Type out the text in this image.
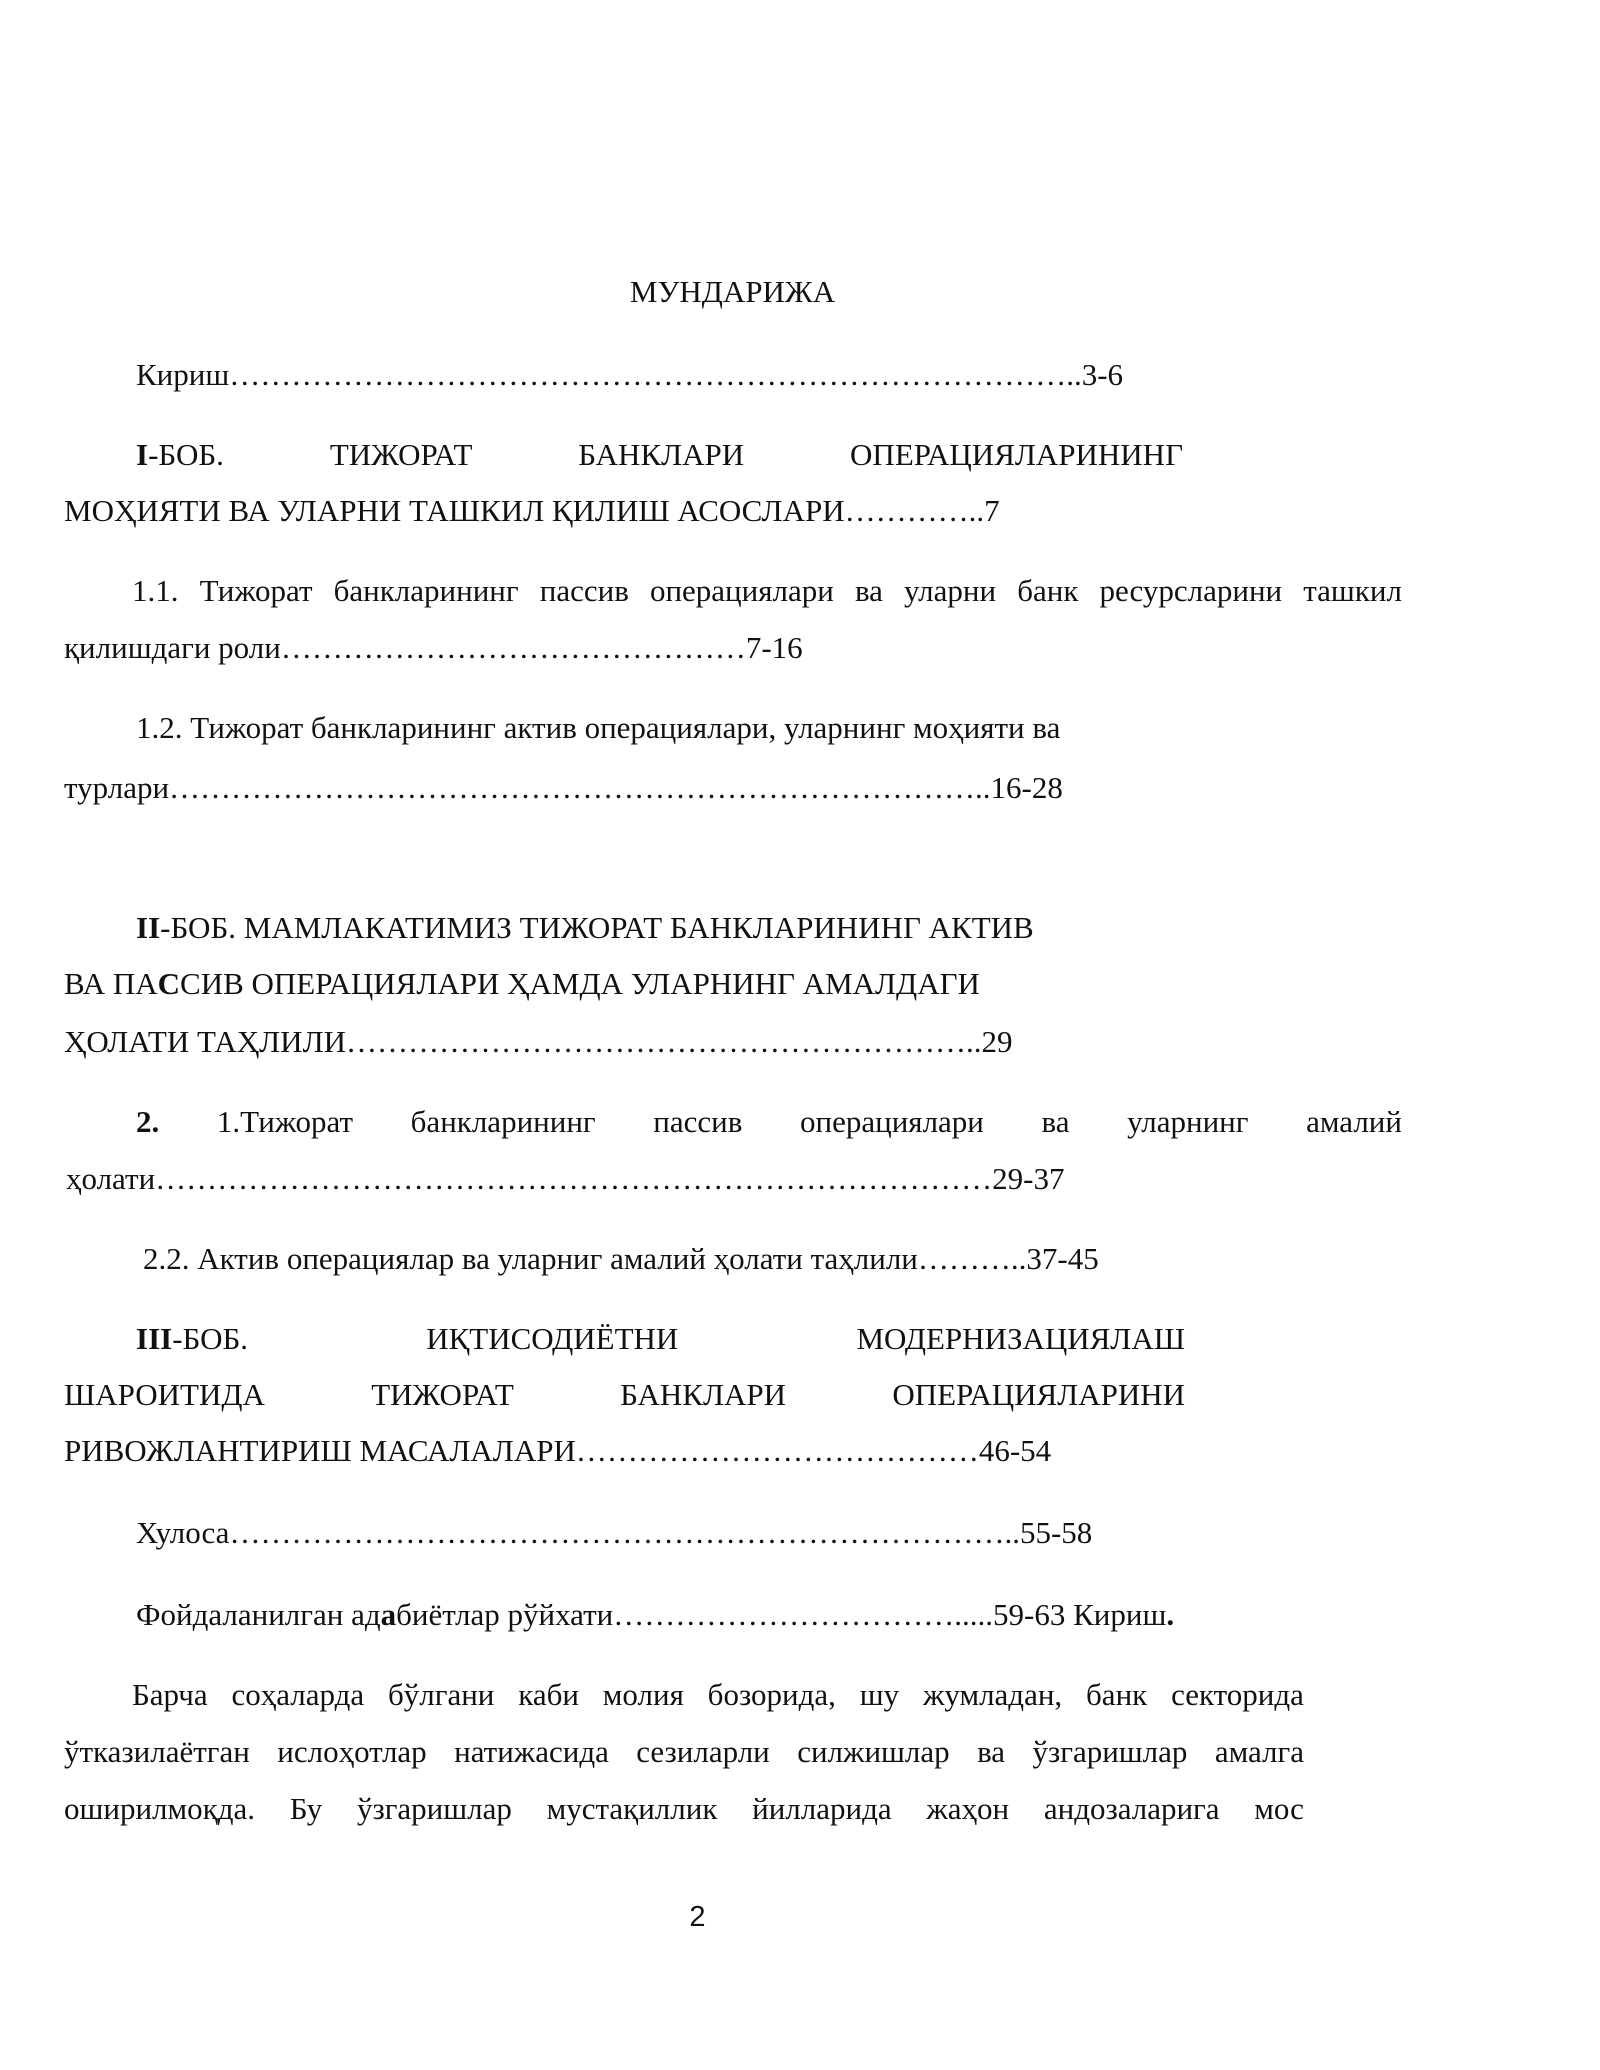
МУНДАРИЖА
Кириш………………………………………………………………………..3-6
I-БОБ.	ТИЖОРАТ	БАНКЛАРИ	ОПЕРАЦИЯЛАРИНИНГ
МОҲИЯТИ ВА УЛАРНИ ТАШКИЛ ҚИЛИШ АСОСЛАРИ…………..7
1.1. Тижорат банкларининг пассив операциялари ва уларни банк ресурсларини ташкил
қилишдаги роли………………………………………7-16
1.2. Тижорат банкларининг актив операциялари, уларнинг моҳияти ва
турлари……………………………………………………………………..16-28
II-БОБ. МАМЛАКАТИМИЗ ТИЖОРАТ БАНКЛАРИНИНГ АКТИВ
ВА ПАССИВ ОПЕРАЦИЯЛАРИ ҲАМДА УЛАРНИНГ АМАЛДАГИ
ҲОЛАТИ ТАҲЛИЛИ……………………………………………………..29
2. 1.Тижорат банкларининг пассив операциялари ва уларнинг амалий
ҳолати………………………………………………………………………29-37
2.2. Актив операциялар ва уларниг амалий ҳолати таҳлили………..37-45
III-БОБ.	ИҚТИСОДИЁТНИ	МОДЕРНИЗАЦИЯЛАШ
ШАРОИТИДА	ТИЖОРАТ	БАНКЛАРИ	ОПЕРАЦИЯЛАРИНИ
РИВОЖЛАНТИРИШ МАСАЛАЛАРИ…………………………………46-54
Хулоса…………………………………………………………………..55-58
Фойдаланилган адабиётлар рўйхати…………………………….....59-63 Кириш.
Барча соҳаларда бўлгани каби молия бозорида, шу жумладан, банк секторида
ўтказилаётган ислоҳотлар натижасида сезиларли силжишлар ва ўзгаришлар амалга
оширилмоқда. Бу ўзгаришлар мустақиллик йилларида жаҳон андозаларига мос
2
